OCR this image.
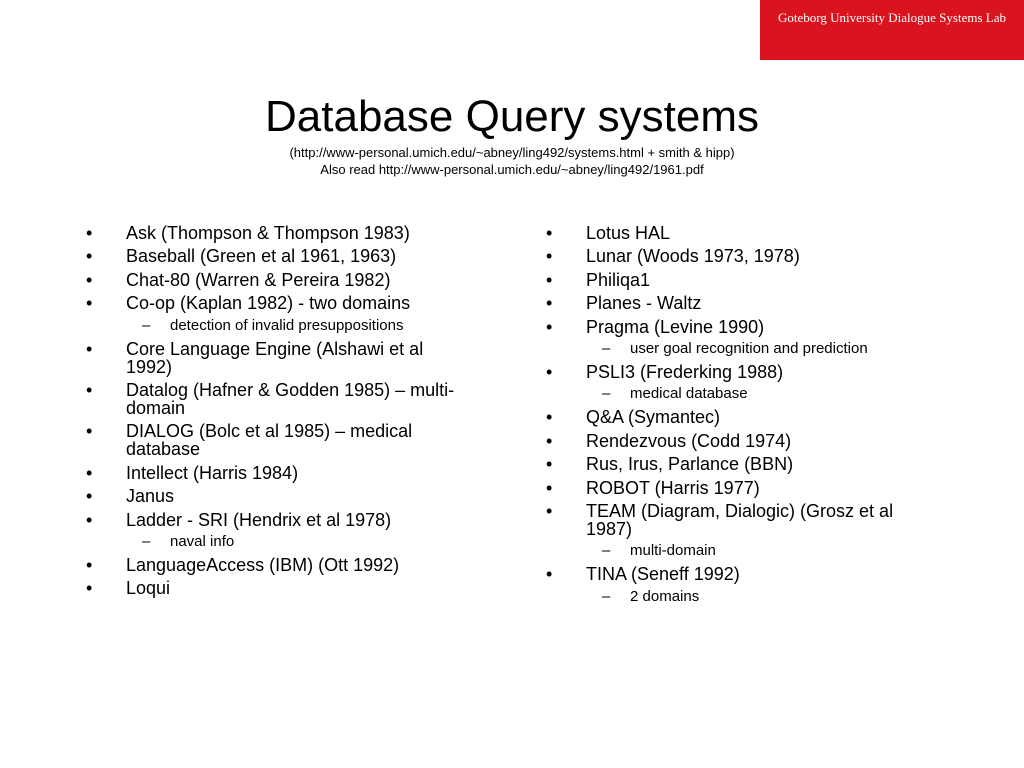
Goteborg University Dialogue Systems Lab
Database Query systems
(http://www-personal.umich.edu/~abney/ling492/systems.html + smith & hipp)
Also read http://www-personal.umich.edu/~abney/ling492/1961.pdf
•	Ask (Thompson & Thompson 1983)
•	Baseball (Green et al 1961, 1963)
•	Chat-80 (Warren & Pereira 1982)
•	Co-op (Kaplan 1982) - two domains
– detection of invalid presuppositions
•	Core Language Engine (Alshawi et al 1992)
•	Datalog (Hafner & Godden 1985) – multi-domain
•	DIALOG (Bolc et al 1985) – medical database
•	Intellect (Harris 1984)
•	Janus
•	Ladder - SRI (Hendrix et al 1978)
– naval info
•	LanguageAccess (IBM) (Ott 1992)
•	Loqui
•	Lotus HAL
•	Lunar (Woods 1973, 1978)
•	Philiqa1
•	Planes - Waltz
•	Pragma (Levine 1990)
– user goal recognition and prediction
•	PSLI3 (Frederking 1988)
– medical database
•	Q&A (Symantec)
•	Rendezvous (Codd 1974)
•	Rus, Irus, Parlance (BBN)
•	ROBOT (Harris 1977)
•	TEAM (Diagram, Dialogic) (Grosz et al 1987)
– multi-domain
•	TINA (Seneff 1992)
– 2 domains
